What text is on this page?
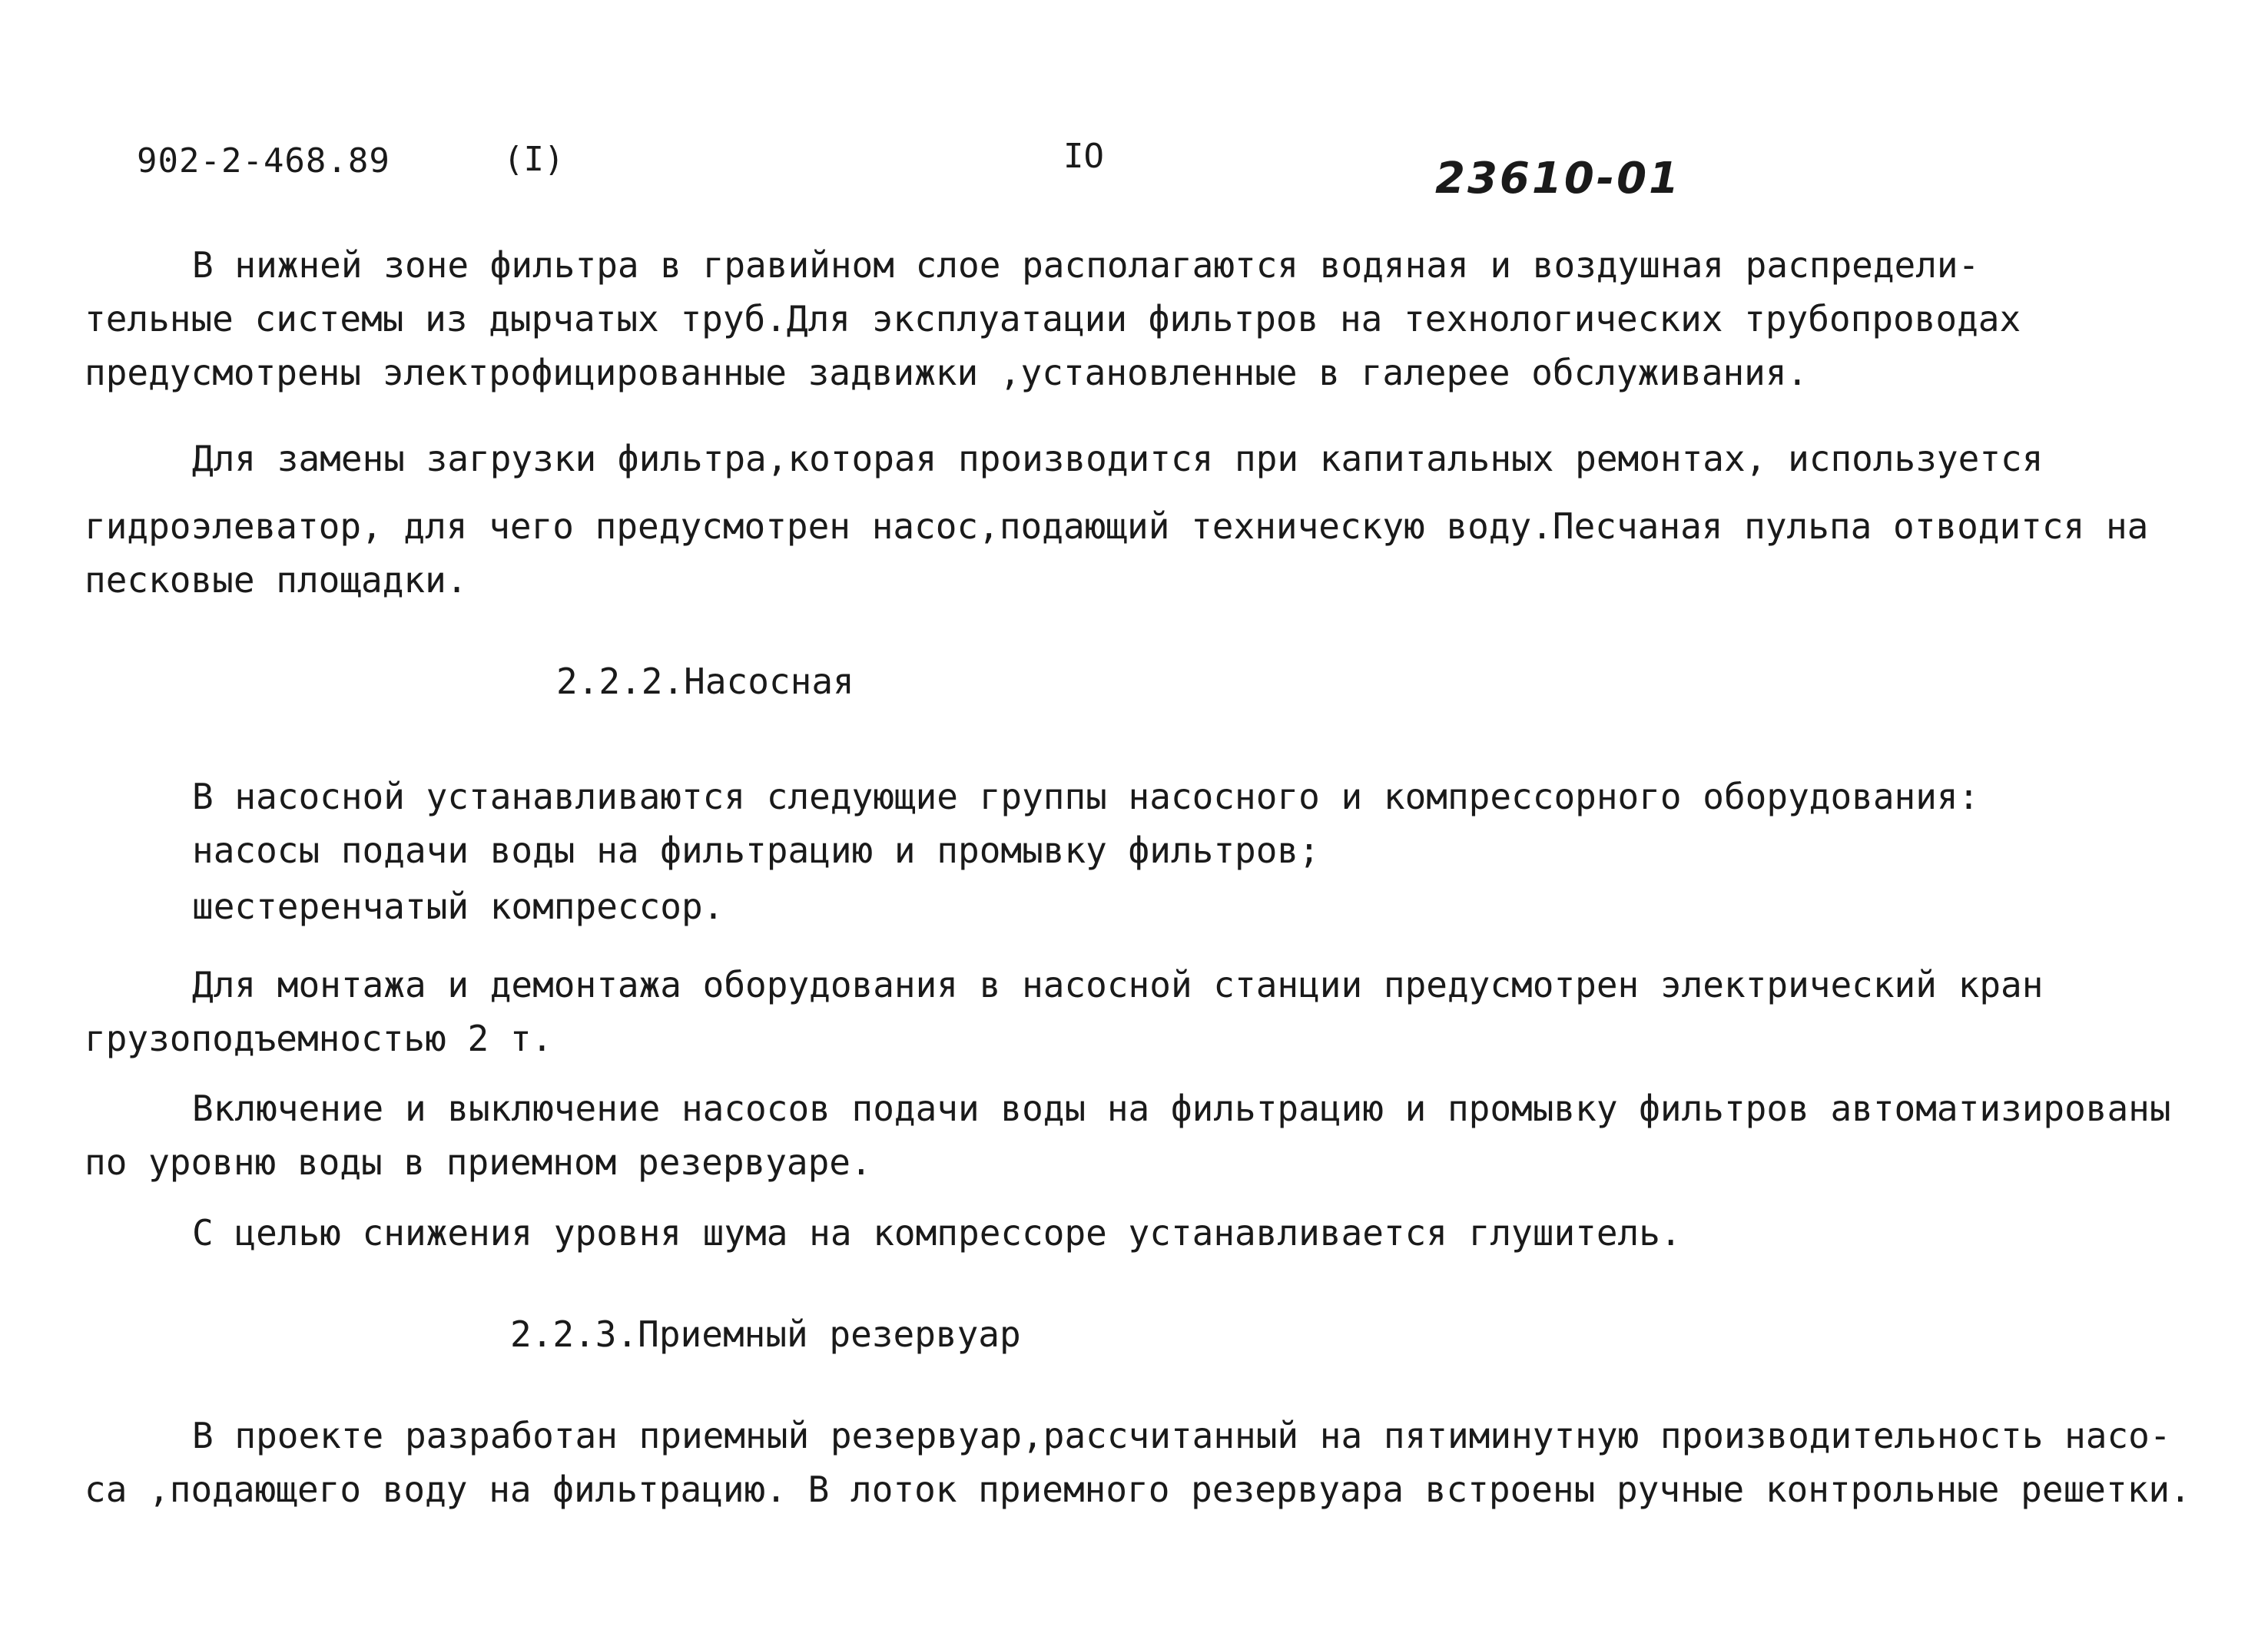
902-2-468.89	(I)	IO	23610-01
В нижней зоне фильтра в гравийном слое располагаются водяная и воздушная распредели-
тельные системы из дырчатых труб.Для эксплуатации фильтров на технологических трубопроводах
предусмотрены электрофицированные задвижки ,установленные в галерее обслуживания.
Для замены загрузки фильтра,которая производится при капитальных ремонтах, используется
гидроэлеватор, для чего предусмотрен насос,подающий техническую воду.Песчаная пульпа отводится на
песковые площадки.
2.2.2.Насосная
В насосной устанавливаются следующие группы насосного и компрессорного оборудования:
насосы подачи воды на фильтрацию и промывку фильтров;
шестеренчатый компрессор.
Для монтажа и демонтажа оборудования в насосной станции предусмотрен электрический кран
грузоподъемностью 2 т.
Включение и выключение насосов подачи воды на фильтрацию и промывку фильтров автоматизированы
по уровню воды в приемном резервуаре.
С целью снижения уровня шума на компрессоре устанавливается глушитель.
2.2.3.Приемный резервуар
В проекте разработан приемный резервуар,рассчитанный на пятиминутную производительность насо-
са ,подающего воду на фильтрацию. В лоток приемного резервуара встроены ручные контрольные решетки.
